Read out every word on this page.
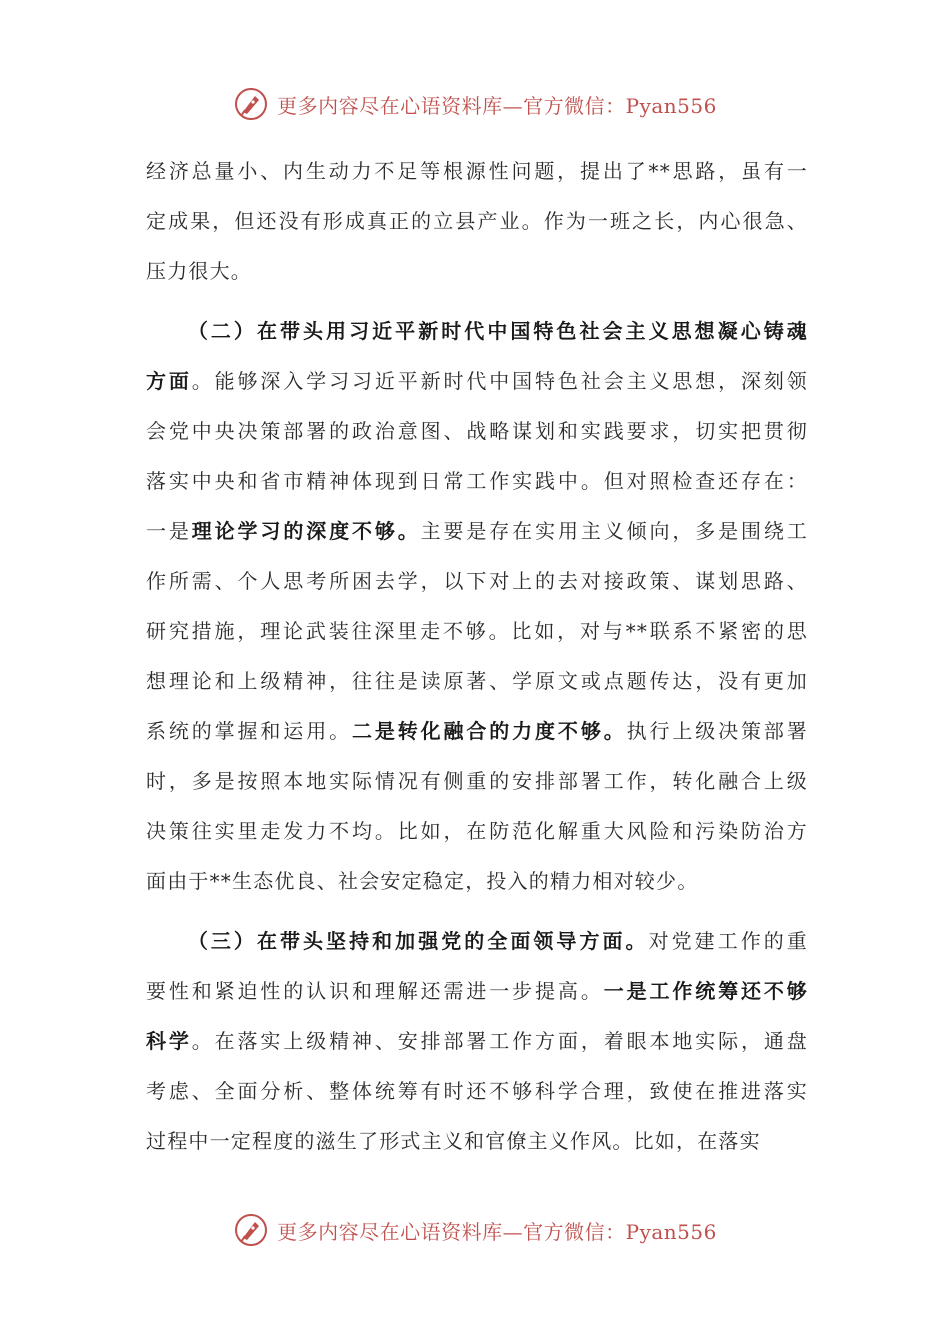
更多内容尽在心语资料库—官方微信：Pyan556
经济总量小、内生动力不足等根源性问题，提出了**思路，虽有一
定成果，但还没有形成真正的立县产业。作为一班之长，内心很急、
压力很大。
（二）在带头用习近平新时代中国特色社会主义思想凝心铸魂
方面。能够深入学习习近平新时代中国特色社会主义思想，深刻领
会党中央决策部署的政治意图、战略谋划和实践要求，切实把贯彻
落实中央和省市精神体现到日常工作实践中。但对照检查还存在：
一是理论学习的深度不够。主要是存在实用主义倾向，多是围绕工
作所需、个人思考所困去学，以下对上的去对接政策、谋划思路、
研究措施，理论武装往深里走不够。比如，对与**联系不紧密的思
想理论和上级精神，往往是读原著、学原文或点题传达，没有更加
系统的掌握和运用。二是转化融合的力度不够。执行上级决策部署
时，多是按照本地实际情况有侧重的安排部署工作，转化融合上级
决策往实里走发力不均。比如，在防范化解重大风险和污染防治方
面由于**生态优良、社会安定稳定，投入的精力相对较少。
（三）在带头坚持和加强党的全面领导方面。对党建工作的重
要性和紧迫性的认识和理解还需进一步提高。一是工作统筹还不够
科学。在落实上级精神、安排部署工作方面，着眼本地实际，通盘
考虑、全面分析、整体统筹有时还不够科学合理，致使在推进落实
过程中一定程度的滋生了形式主义和官僚主义作风。比如，在落实
更多内容尽在心语资料库—官方微信：Pyan556
